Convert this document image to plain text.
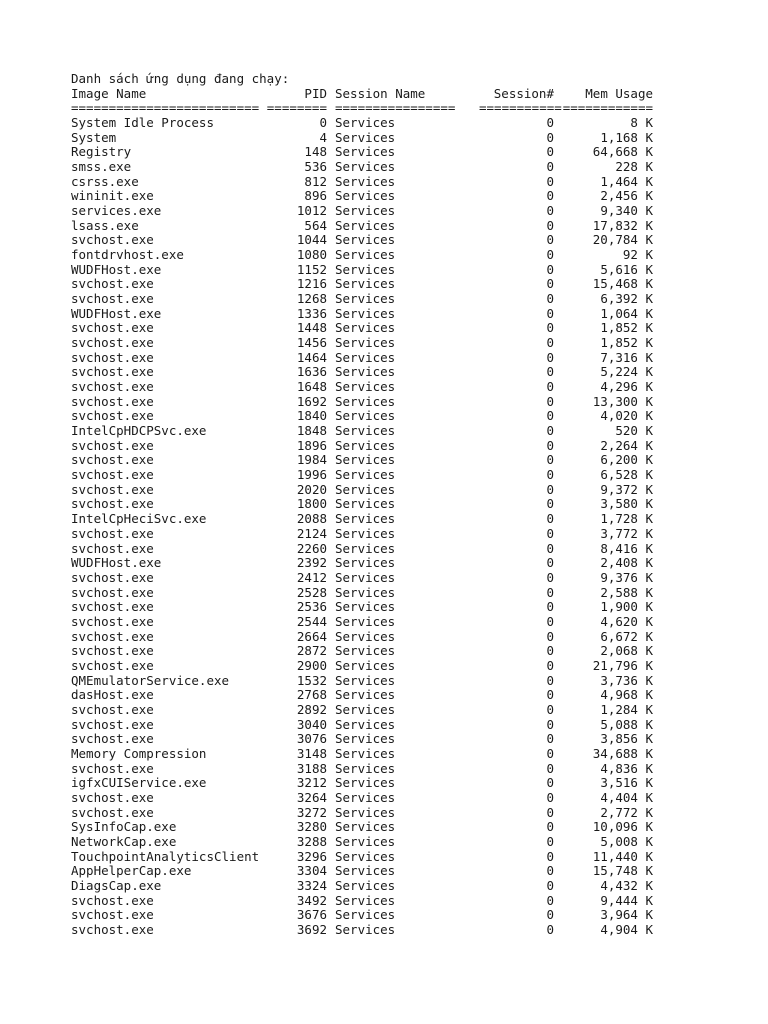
Danh sách ứng dụng đang chạy:
Image Name	PID Session Name	Session#	Mem Usage
========================= ======== ================ =======================
System Idle Process	0 Services	0	8 K
System	4 Services	0	1,168 K
Registry	148 Services	0	64,668 K
smss.exe	536 Services	0	228 K
csrss.exe	812 Services	0	1,464 K
wininit.exe	896 Services	0	2,456 K
services.exe	1012 Services	0	9,340 K
lsass.exe	564 Services	0	17,832 K
svchost.exe	1044 Services	0	20,784 K
fontdrvhost.exe	1080 Services	0	92 K
WUDFHost.exe	1152 Services	0	5,616 K
svchost.exe	1216 Services	0	15,468 K
svchost.exe	1268 Services	0	6,392 K
WUDFHost.exe	1336 Services	0	1,064 K
svchost.exe	1448 Services	0	1,852 K
svchost.exe	1456 Services	0	1,852 K
svchost.exe	1464 Services	0	7,316 K
svchost.exe	1636 Services	0	5,224 K
svchost.exe	1648 Services	0	4,296 K
svchost.exe	1692 Services	0	13,300 K
svchost.exe	1840 Services	0	4,020 K
IntelCpHDCPSvc.exe	1848 Services	0	520 K
svchost.exe	1896 Services	0	2,264 K
svchost.exe	1984 Services	0	6,200 K
svchost.exe	1996 Services	0	6,528 K
svchost.exe	2020 Services	0	9,372 K
svchost.exe	1800 Services	0	3,580 K
IntelCpHeciSvc.exe	2088 Services	0	1,728 K
svchost.exe	2124 Services	0	3,772 K
svchost.exe	2260 Services	0	8,416 K
WUDFHost.exe	2392 Services	0	2,408 K
svchost.exe	2412 Services	0	9,376 K
svchost.exe	2528 Services	0	2,588 K
svchost.exe	2536 Services	0	1,900 K
svchost.exe	2544 Services	0	4,620 K
svchost.exe	2664 Services	0	6,672 K
svchost.exe	2872 Services	0	2,068 K
svchost.exe	2900 Services	0	21,796 K
QMEmulatorService.exe	1532 Services	0	3,736 K
dasHost.exe	2768 Services	0	4,968 K
svchost.exe	2892 Services	0	1,284 K
svchost.exe	3040 Services	0	5,088 K
svchost.exe	3076 Services	0	3,856 K
Memory Compression	3148 Services	0	34,688 K
svchost.exe	3188 Services	0	4,836 K
igfxCUIService.exe	3212 Services	0	3,516 K
svchost.exe	3264 Services	0	4,404 K
svchost.exe	3272 Services	0	2,772 K
SysInfoCap.exe	3280 Services	0	10,096 K
NetworkCap.exe	3288 Services	0	5,008 K
TouchpointAnalyticsClient	3296 Services	0	11,440 K
AppHelperCap.exe	3304 Services	0	15,748 K
DiagsCap.exe	3324 Services	0	4,432 K
svchost.exe	3492 Services	0	9,444 K
svchost.exe	3676 Services	0	3,964 K
svchost.exe	3692 Services	0	4,904 K
